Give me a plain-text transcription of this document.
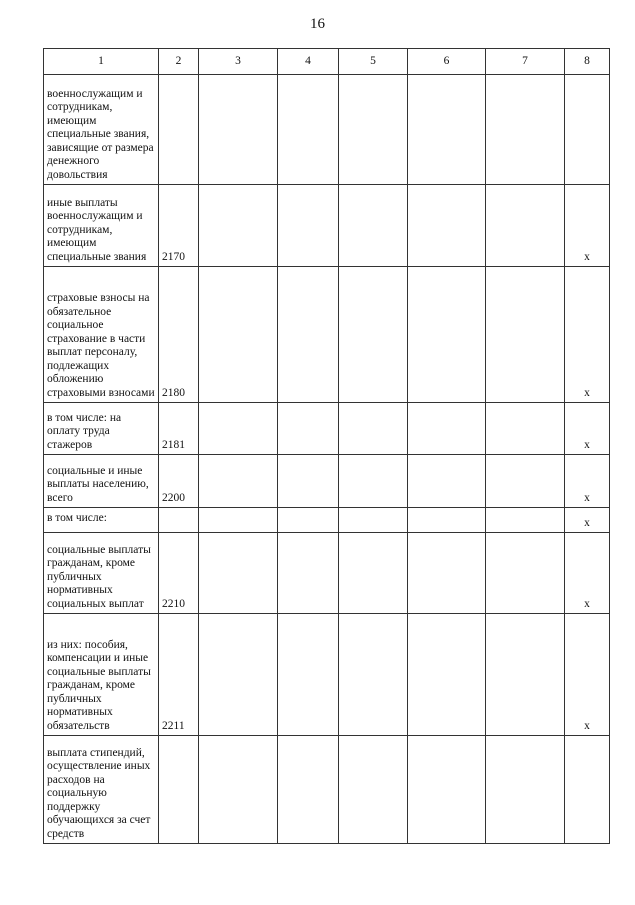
16
1	2	3	4	5	6	7	8

военнослужащим и сотрудникам, имеющим специальные звания, зависящие от размера денежного довольствия							

иные выплаты военнослужащим и сотрудникам, имеющим специальные звания	2170						х

страховые взносы на обязательное социальное страхование в части выплат персоналу, подлежащих обложению страховыми взносами	2180						х

в том числе: на оплату труда стажеров	2181						х

социальные и иные выплаты населению, всего	2200						х

в том числе:							х

социальные выплаты гражданам, кроме публичных нормативных социальных выплат	2210						х

из них: пособия, компенсации и иные социальные выплаты гражданам, кроме публичных нормативных обязательств	2211						х

выплата стипендий, осуществление иных расходов на социальную поддержку обучающихся за счет средств							
